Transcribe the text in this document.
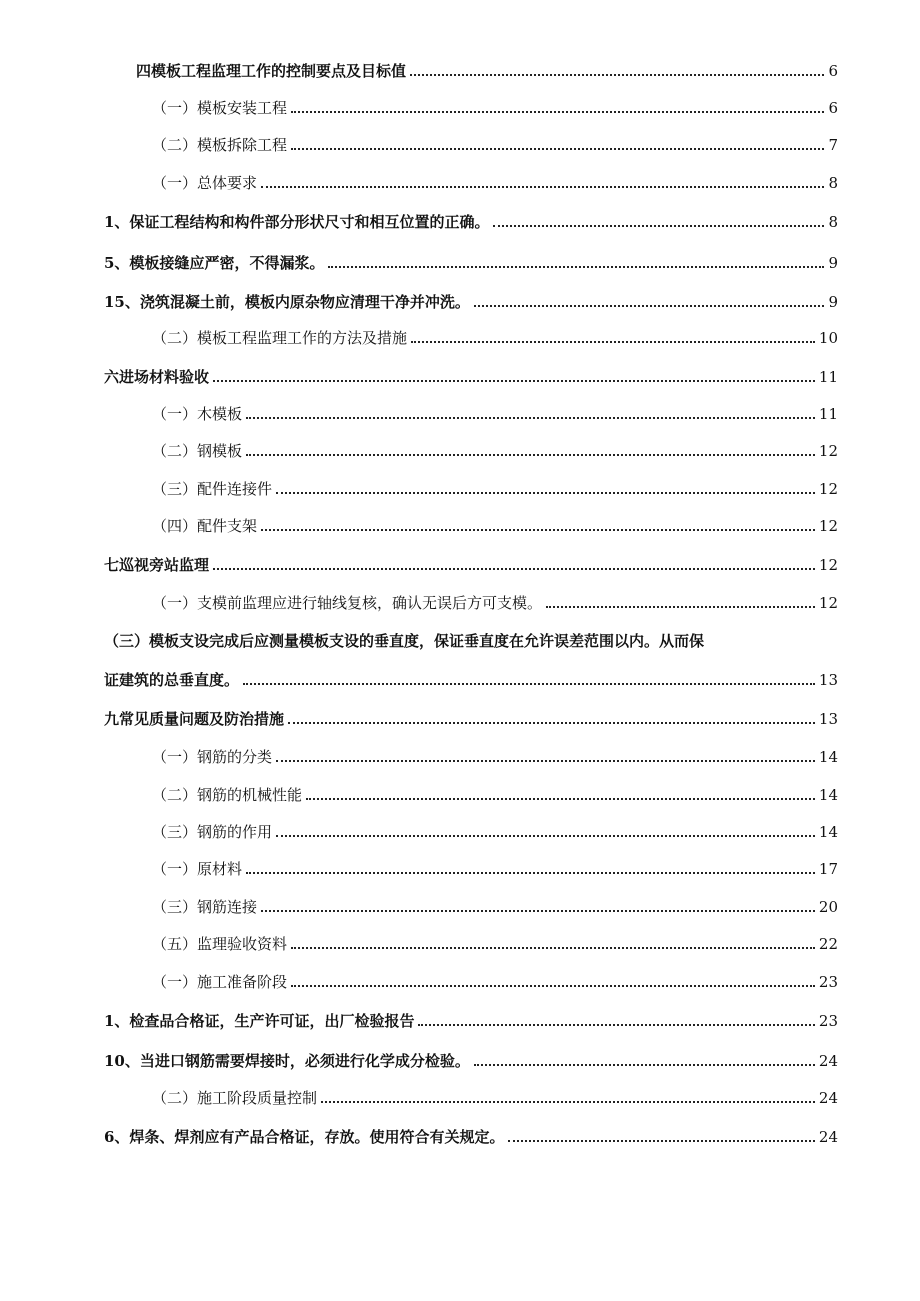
四模板工程监理工作的控制要点及目标值	6
（一）模板安装工程	6
（二）模板拆除工程	7
（一）总体要求	8
1、保证工程结构和构件部分形状尺寸和相互位置的正确。	8
5、模板接缝应严密，不得漏浆。	9
15、浇筑混凝土前，模板内原杂物应清理干净并冲洗。	9
（二）模板工程监理工作的方法及措施	10
六进场材料验收	11
（一）木模板	11
（二）钢模板	12
（三）配件连接件	12
（四）配件支架	12
七巡视旁站监理	12
（一）支模前监理应进行轴线复核，确认无误后方可支模。	12
（三）模板支设完成后应测量模板支设的垂直度，保证垂直度在允许误差范围以内。从而保
证建筑的总垂直度。	13
九常见质量问题及防治措施	13
（一）钢筋的分类	14
（二）钢筋的机械性能	14
（三）钢筋的作用	14
（一）原材料	17
（三）钢筋连接	20
（五）监理验收资料	22
（一）施工准备阶段	23
1、检查品合格证，生产许可证，出厂检验报告	23
10、当进口钢筋需要焊接时，必须进行化学成分检验。	24
（二）施工阶段质量控制	24
6、焊条、焊剂应有产品合格证，存放。使用符合有关规定。	24
